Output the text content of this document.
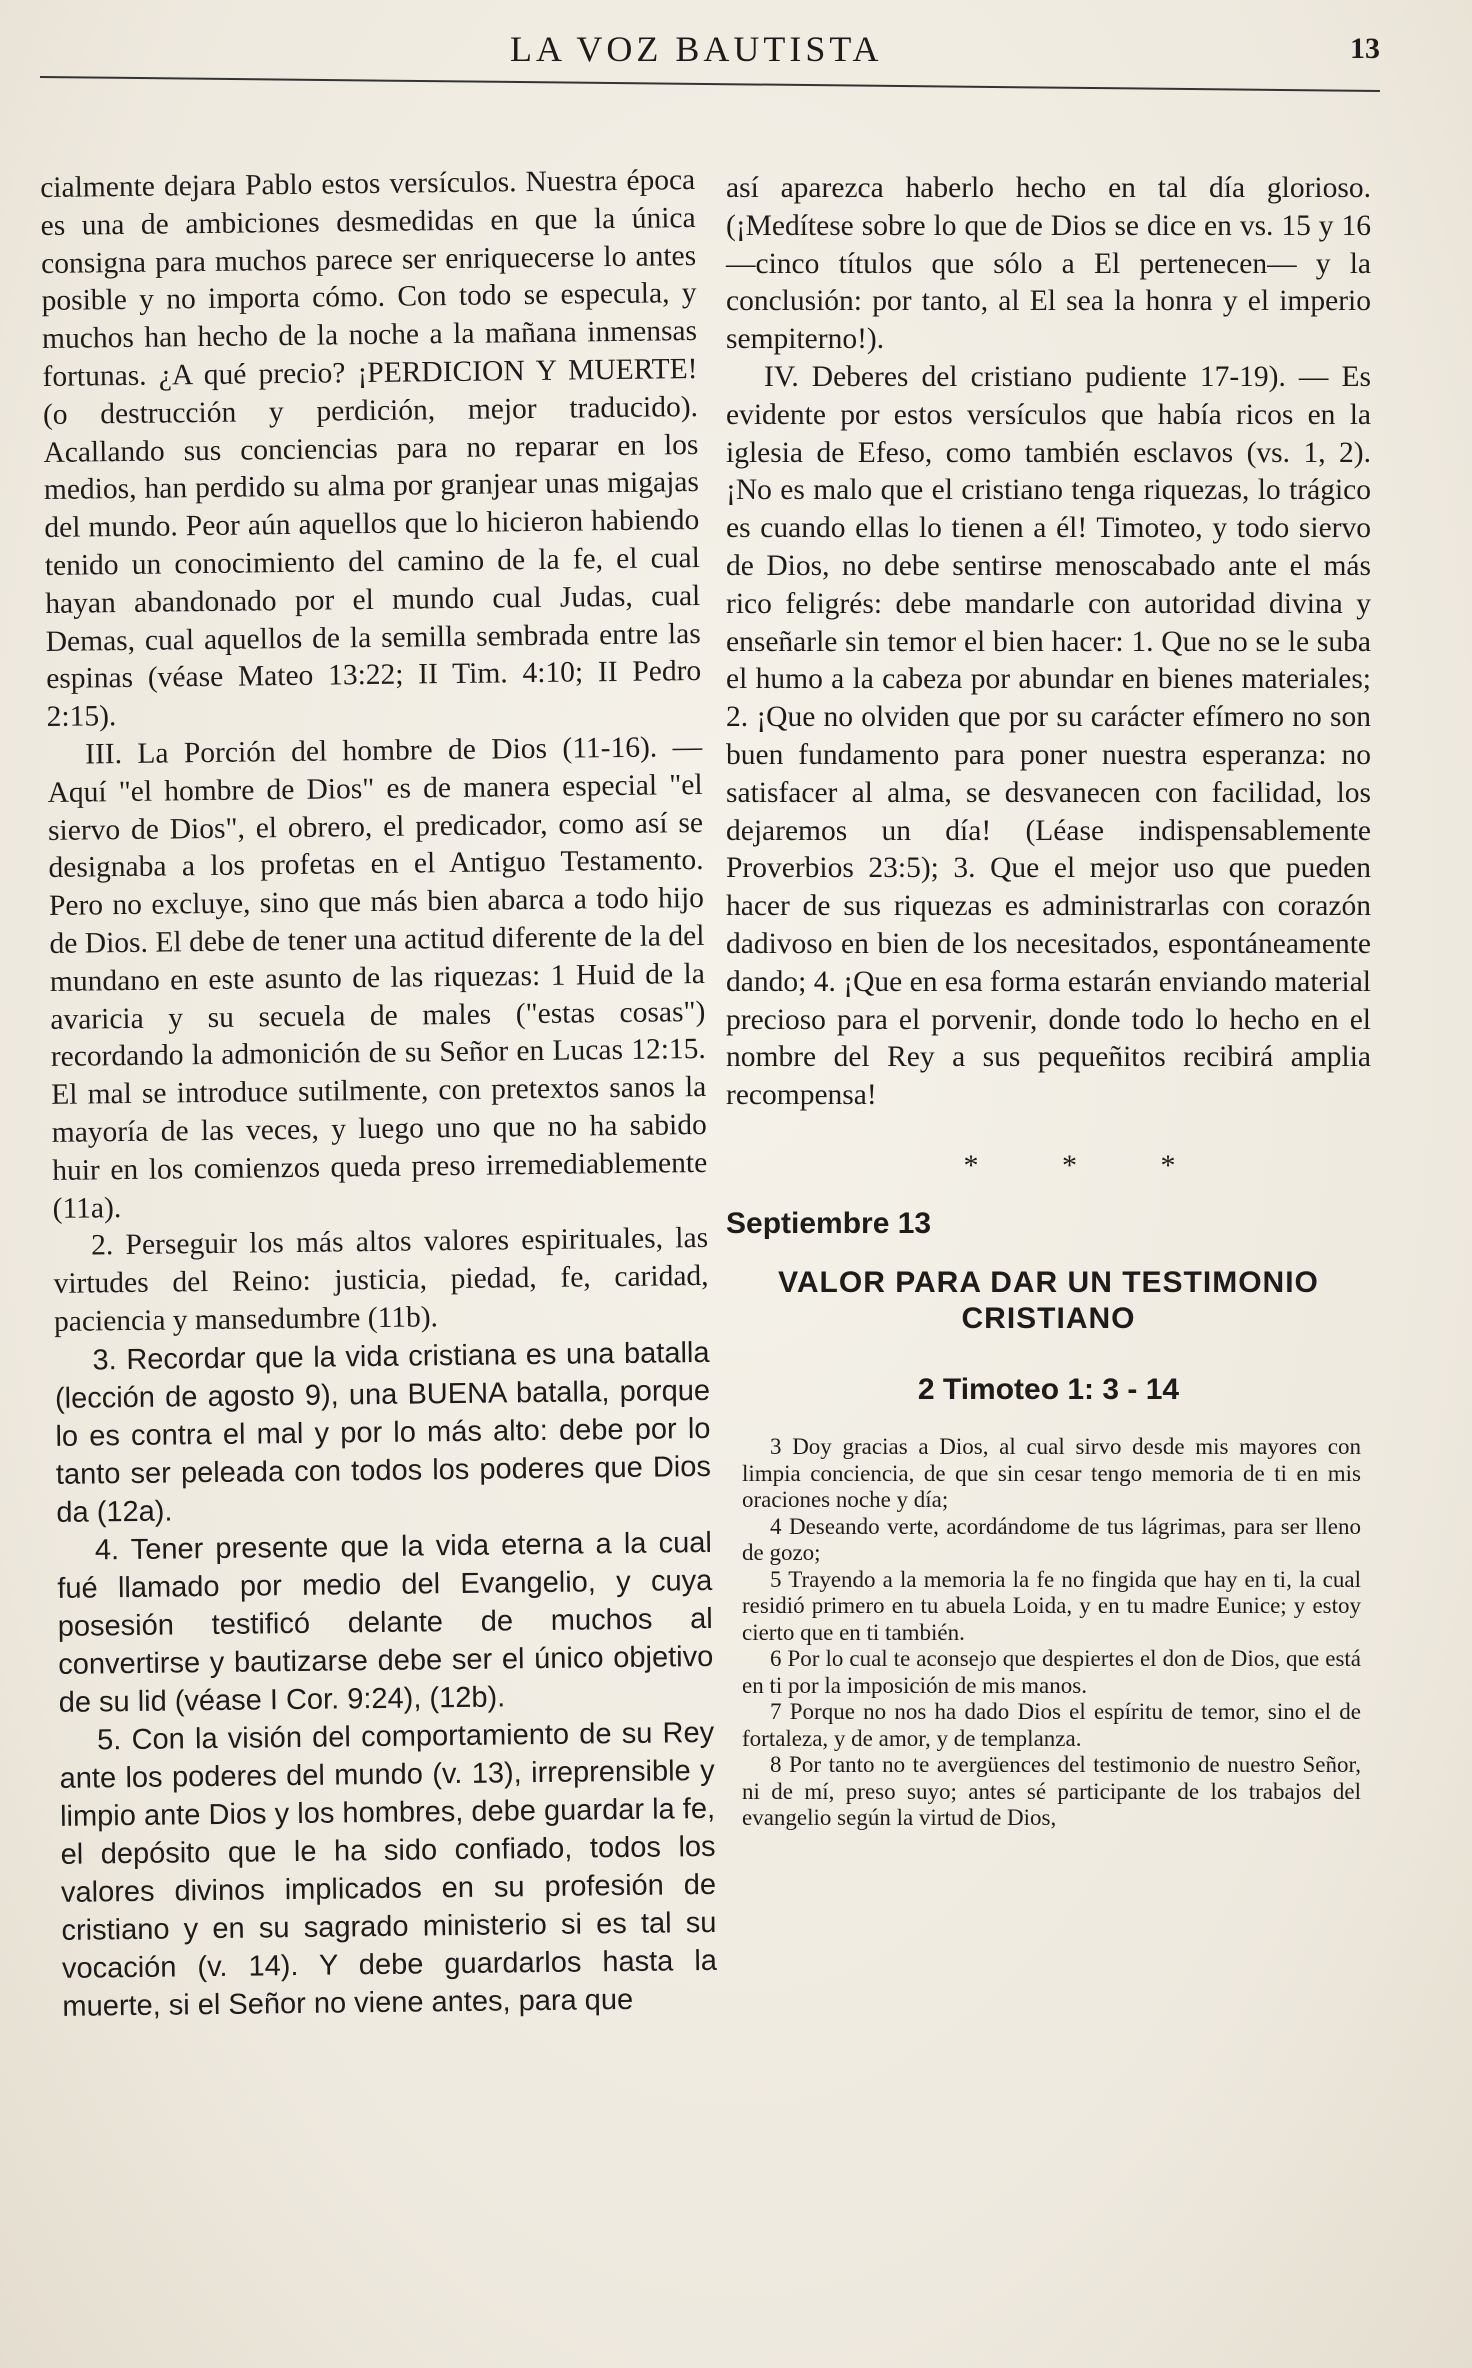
LA VOZ BAUTISTA	13

cialmente dejara Pablo estos versículos. Nuestra época es una de ambiciones desmedidas en que la única consigna para muchos parece ser enriquecerse lo antes posible y no importa cómo. Con todo se especula, y muchos han hecho de la noche a la mañana inmensas fortunas. ¿A qué precio? ¡PERDICION Y MUERTE! (o destrucción y perdición, mejor traducido). Acallando sus conciencias para no reparar en los medios, han perdido su alma por granjear unas migajas del mundo. Peor aún aquellos que lo hicieron habiendo tenido un conocimiento del camino de la fe, el cual hayan abandonado por el mundo cual Judas, cual Demas, cual aquellos de la semilla sembrada entre las espinas (véase Mateo 13:22; II Tim. 4:10; II Pedro 2:15).

III. La Porción del hombre de Dios (11-16). — Aquí "el hombre de Dios" es de manera especial "el siervo de Dios", el obrero, el predicador, como así se designaba a los profetas en el Antiguo Testamento. Pero no excluye, sino que más bien abarca a todo hijo de Dios. El debe de tener una actitud diferente de la del mundano en este asunto de las riquezas: 1 Huid de la avaricia y su secuela de males ("estas cosas") recordando la admonición de su Señor en Lucas 12:15. El mal se introduce sutilmente, con pretextos sanos la mayoría de las veces, y luego uno que no ha sabido huir en los comienzos queda preso irremediablemente (11a).

2. Perseguir los más altos valores espirituales, las virtudes del Reino: justicia, piedad, fe, caridad, paciencia y mansedumbre (11b).

3. Recordar que la vida cristiana es una batalla (lección de agosto 9), una BUENA batalla, porque lo es contra el mal y por lo más alto: debe por lo tanto ser peleada con todos los poderes que Dios da (12a).

4. Tener presente que la vida eterna a la cual fué llamado por medio del Evangelio, y cuya posesión testificó delante de muchos al convertirse y bautizarse debe ser el único objetivo de su lid (véase I Cor. 9:24), (12b).

5. Con la visión del comportamiento de su Rey ante los poderes del mundo (v. 13), irreprensible y limpio ante Dios y los hombres, debe guardar la fe, el depósito que le ha sido confiado, todos los valores divinos implicados en su profesión de cristiano y en su sagrado ministerio si es tal su vocación (v. 14). Y debe guardarlos hasta la muerte, si el Señor no viene antes, para que

así aparezca haberlo hecho en tal día glorioso. (¡Medítese sobre lo que de Dios se dice en vs. 15 y 16 —cinco títulos que sólo a El pertenecen— y la conclusión: por tanto, al El sea la honra y el imperio sempiterno!).

IV. Deberes del cristiano pudiente 17-19). — Es evidente por estos versículos que había ricos en la iglesia de Efeso, como también esclavos (vs. 1, 2). ¡No es malo que el cristiano tenga riquezas, lo trágico es cuando ellas lo tienen a él! Timoteo, y todo siervo de Dios, no debe sentirse menoscabado ante el más rico feligrés: debe mandarle con autoridad divina y enseñarle sin temor el bien hacer: 1. Que no se le suba el humo a la cabeza por abundar en bienes materiales; 2. ¡Que no olviden que por su carácter efímero no son buen fundamento para poner nuestra esperanza: no satisfacer al alma, se desvanecen con facilidad, los dejaremos un día! (Léase indispensablemente Proverbios 23:5); 3. Que el mejor uso que pueden hacer de sus riquezas es administrarlas con corazón dadivoso en bien de los necesitados, espontáneamente dando; 4. ¡Que en esa forma estarán enviando material precioso para el porvenir, donde todo lo hecho en el nombre del Rey a sus pequeñitos recibirá amplia recompensa!

* * *
Septiembre 13
VALOR PARA DAR UN TESTIMONIO CRISTIANO
2 Timoteo 1: 3 - 14

3 Doy gracias a Dios, al cual sirvo desde mis mayores con limpia conciencia, de que sin cesar tengo memoria de ti en mis oraciones noche y día;

4 Deseando verte, acordándome de tus lágrimas, para ser lleno de gozo;

5 Trayendo a la memoria la fe no fingida que hay en ti, la cual residió primero en tu abuela Loida, y en tu madre Eunice; y estoy cierto que en ti también.

6 Por lo cual te aconsejo que despiertes el don de Dios, que está en ti por la imposición de mis manos.

7 Porque no nos ha dado Dios el espíritu de temor, sino el de fortaleza, y de amor, y de templanza.

8 Por tanto no te avergüences del testimonio de nuestro Señor, ni de mí, preso suyo; antes sé participante de los trabajos del evangelio según la virtud de Dios,
